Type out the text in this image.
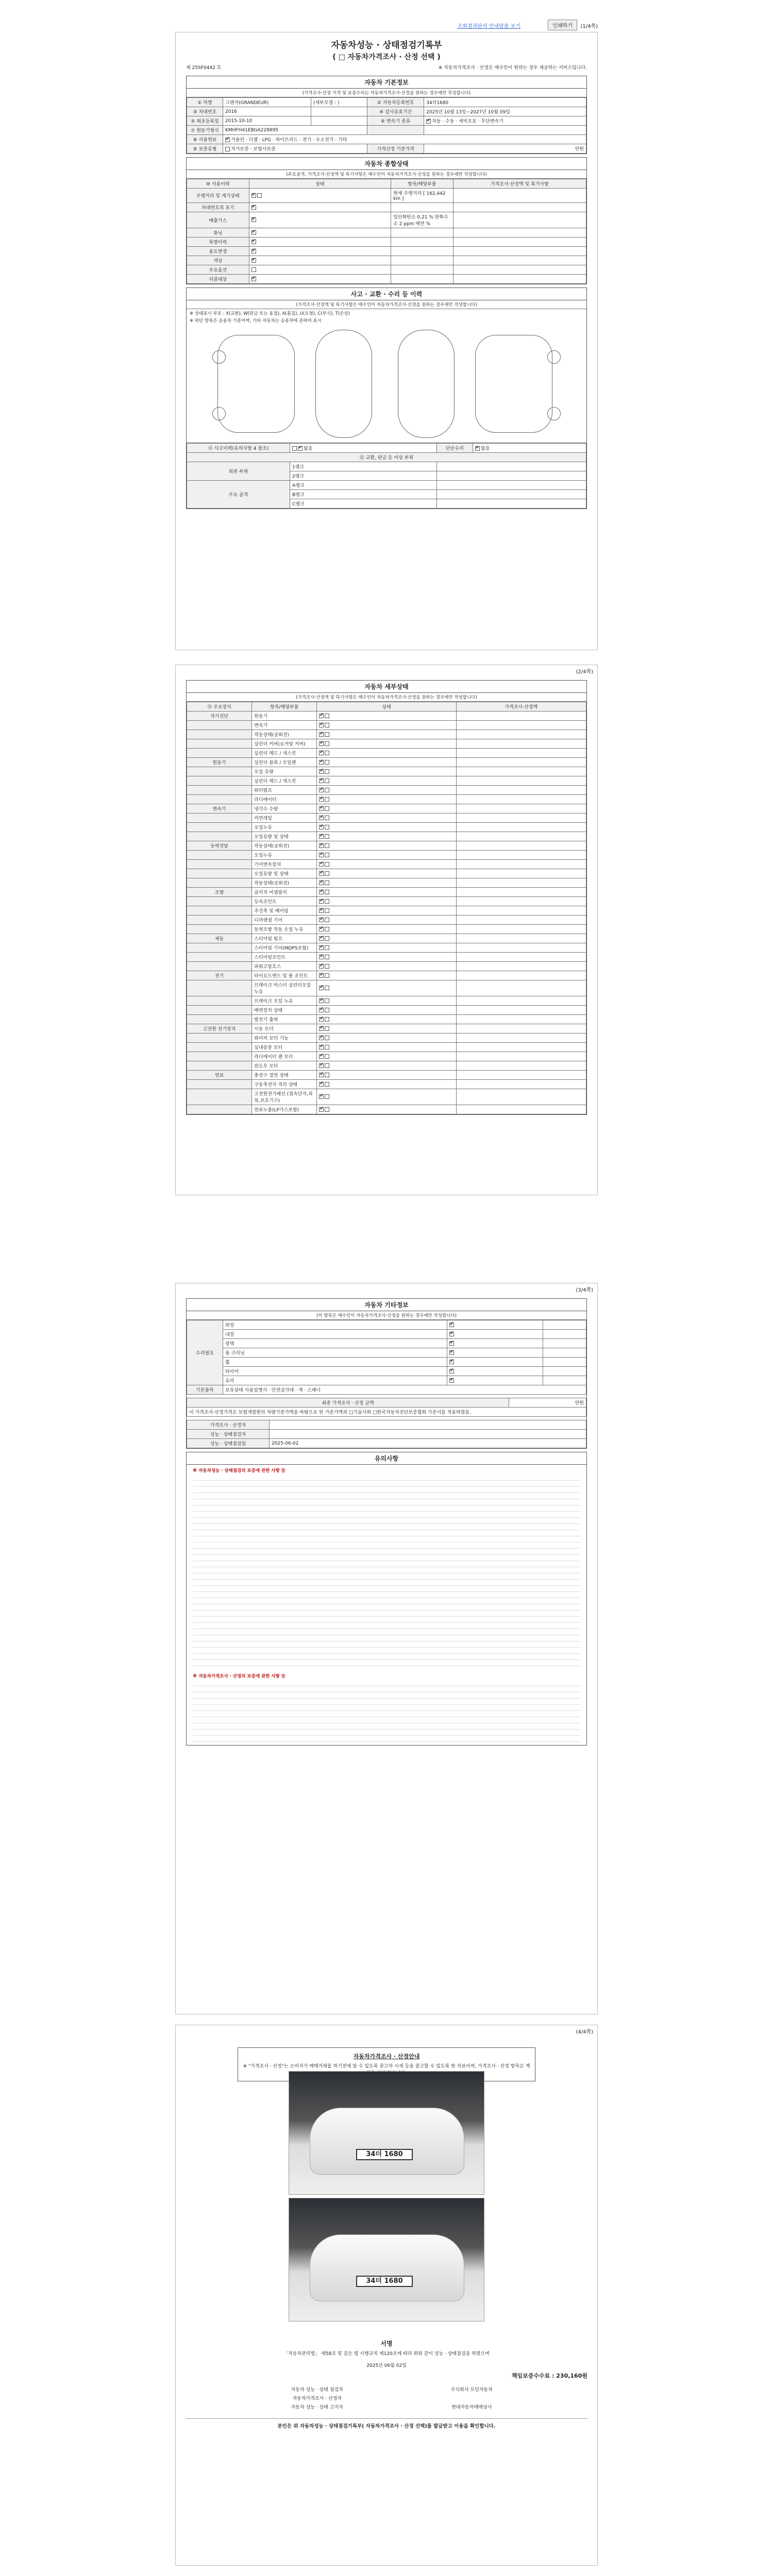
조회결과판의 안내말씀 보기	인쇄하기	(1/4쪽)
자동차성능 · 상태점검기록부
( □ 자동차가격조사 · 산정 선택 )
제 25SF0442 호	※ 자동차가격조사 · 산정은 매수인이 원하는 경우 제공하는 서비스입니다.
자동차 기본정보
(가격조사·산정 가격 및 보증수리는 자동차가격조사·산정을 원하는 경우에만 작성합니다)
① 차명	그랜저(GRANDEUR)	(세부모델 : )	② 자동차등록번호	34더1680
③ 차대번호	2016		④ 검사유효기간	2025년 10월 13일~2027년 10월 09일
⑤ 최초등록일	2015-10-10		⑥ 변속기 종류	✔자동 · 수동 · 세미오토 · 무단변속기
⑦ 원동기형식	KMHFH41EBGA228895			
⑧ 사용연료	✔가솔린 · 디젤 · LPG · 하이브리드 · 전기 · 수소전기 · 기타
⑨ 보증유형	자가보증 · 보험사보증		가격산정 기준가격	만원
자동차 종합상태
(주요골격, 가격조사·산정액 및 특기사항은 매수인이 자동차가격조사·산정을 원하는 경우에만 작성합니다)
⑩ 사용이력	상태	항목/해당부품	가격조사·산정액 및 특기사항
주행거리 및 계기상태	✔	현재 주행거리 [ 162,442 km ]	
차대번호의 표기	✔		
배출가스	✔	일산화탄소 0.21 % 탄화수소 2 ppm 매연 %	
튜닝	✔		
특별이력	✔		
용도변경	✔		
색상	✔		
주요옵션			
리콜대상	✔		
사고 · 교환 · 수리 등 이력
(가격조사·산정액 및 특기사항은 매수인이 자동차가격조사·산정을 원하는 경우에만 작성합니다)
※ 상태표시 부호 : X(교환), W(판금 또는 용접), A(흠집), U(요철), C(부식), T(손상)
※ 하단 항목은 승용차 기준이며, 기타 자동차는 승용차에 준하여 표시
⑪ 사고이력(유의사항 4 참조)	✔없음	단순수리	✔없음
⑫ 교환, 판금 등 이상 부위			
외판 부위	1랭크		
	2랭크		
주요 골격	A랭크		
	B랭크		
	C랭크		
(2/4쪽)
자동차 세부상태
(가격조사·산정액 및 특기사항은 매수인이 자동차가격조사·산정을 원하는 경우에만 작성합니다)
⑬ 주요장치	항목/해당부품	상태	가격조사·산정액
자기진단	원동기	✔	
	변속기	✔	
	작동상태(공회전)	✔	
	실린더 커버(로커암 커버)	✔	
	실린더 헤드 / 개스킷	✔	
원동기	실린더 블록 / 오일팬	✔	
	오일 유량	✔	
	실린더 헤드 / 개스킷	✔	
	워터펌프	✔	
	라디에이터	✔	
변속기	냉각수 수량	✔	
	커먼레일	✔	
	오일누유	✔	
	오일유량 및 상태	✔	
동력전달	작동상태(공회전)	✔	
	오일누유	✔	
	기어변속장치	✔	
	오일유량 및 상태	✔	
	작동상태(공회전)	✔	
조향	클러치 어셈블리	✔	
	등속조인트	✔	
	추진축 및 베어링	✔	
	디퍼렌셜 기어	✔	
	동력조향 작동 오일 누유	✔	
제동	스티어링 펌프	✔	
	스티어링 기어(MDPS포함)	✔	
	스티어링조인트	✔	
	파워고압호스	✔	
전기	타이로드엔드 및 볼 조인트	✔	
	브레이크 마스터 실린더오일 누유	✔	
	브레이크 오일 누유	✔	
	배력장치 상태	✔	
	발전기 출력	✔	
고전원 전기장치	시동 모터	✔	
	와이퍼 모터 기능	✔	
	실내송풍 모터	✔	
	라디에이터 팬 모터	✔	
	윈도우 모터	✔	
연료	충전구 절연 상태	✔	
	구동축전지 격리 상태	✔	
	고전원전기배선 (접속단자,피복,보호기구)	✔	
	연료누출(LP가스포함)	✔	
(3/4쪽)
자동차 기타정보
(이 항목은 매수인이 자동차가격조사·산정을 원하는 경우에만 작성합니다)
수리필요	외장	✔	
	내장	✔	
	광택	✔	
	룸 크리닝	✔	
	휠	✔	
	타이어	✔	
	유리	✔	
기본품목	보유상태 사용설명서 · 안전삼각대 · 잭 · 스패너		
최종 가격조사 · 산정 금액	만원
이 가격조사·산정가격은 보험개발원의 차량기준가액을 바탕으로 한 가준가액과 □기술사회 □한국자동차진단보증협회 기준서를 적용하였음.
가격조사 · 산정자	
성능 · 상태점검자	
성능 · 상태점검일	2025-06-02
유의사항
※ 자동차성능 · 상태점검의 보증에 관한 사항 등
※ 자동차가격조사 · 산정의 보증에 관한 사항 등
(4/4쪽)
자동차가격조사 · 산정안내
※ "가격조사 · 산정"는 소비자가 매매거래를 하기전에 알 수 있도록 중고차 시세 등을 참고할 수 있도록 한 자료이며, 가격조사 · 산정 항목은 책
34더 1680
34더 1680
서명
「자동차관리법」 제58조 및 같은 법 시행규칙 제120조에 따라 위와 같이 성능 · 상태점검을 하였으며
2025년 06월 02일
책임보증수수료 : 230,160원
자동차 성능 · 상태 점검자	주식회사 모던자동차
자동차가격조사 · 산정자	
자동차 성능 · 상태 고지자	현대자동차매매상사
본인은 위 자동차성능 · 상태점검기록부( 자동차가격조사 · 산정 선택)를 발급받고 이용을 확인합니다.
